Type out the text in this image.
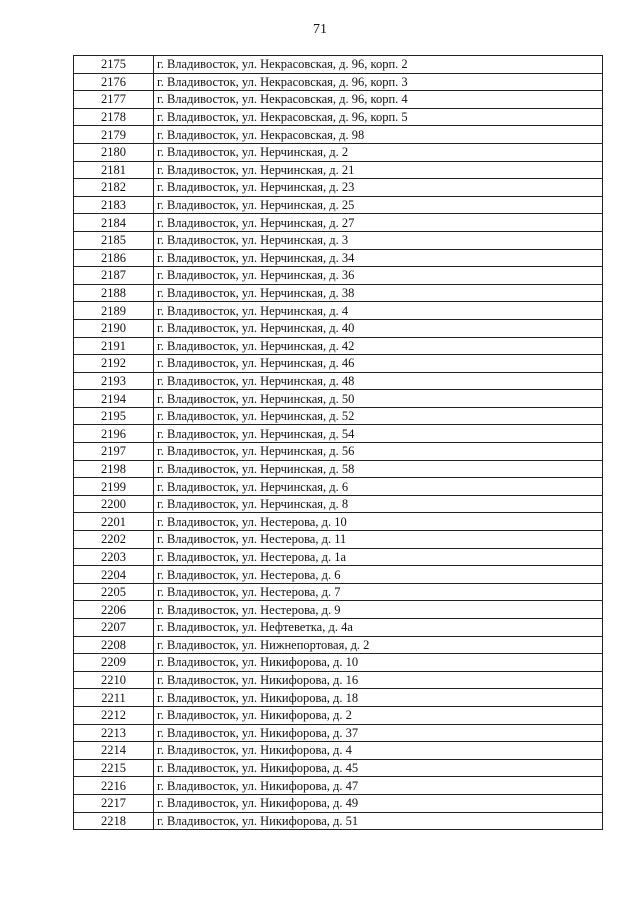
71
2175	г. Владивосток, ул. Некрасовская, д. 96, корп. 2
2176	г. Владивосток, ул. Некрасовская, д. 96, корп. 3
2177	г. Владивосток, ул. Некрасовская, д. 96, корп. 4
2178	г. Владивосток, ул. Некрасовская, д. 96, корп. 5
2179	г. Владивосток, ул. Некрасовская, д. 98
2180	г. Владивосток, ул. Нерчинская, д. 2
2181	г. Владивосток, ул. Нерчинская, д. 21
2182	г. Владивосток, ул. Нерчинская, д. 23
2183	г. Владивосток, ул. Нерчинская, д. 25
2184	г. Владивосток, ул. Нерчинская, д. 27
2185	г. Владивосток, ул. Нерчинская, д. 3
2186	г. Владивосток, ул. Нерчинская, д. 34
2187	г. Владивосток, ул. Нерчинская, д. 36
2188	г. Владивосток, ул. Нерчинская, д. 38
2189	г. Владивосток, ул. Нерчинская, д. 4
2190	г. Владивосток, ул. Нерчинская, д. 40
2191	г. Владивосток, ул. Нерчинская, д. 42
2192	г. Владивосток, ул. Нерчинская, д. 46
2193	г. Владивосток, ул. Нерчинская, д. 48
2194	г. Владивосток, ул. Нерчинская, д. 50
2195	г. Владивосток, ул. Нерчинская, д. 52
2196	г. Владивосток, ул. Нерчинская, д. 54
2197	г. Владивосток, ул. Нерчинская, д. 56
2198	г. Владивосток, ул. Нерчинская, д. 58
2199	г. Владивосток, ул. Нерчинская, д. 6
2200	г. Владивосток, ул. Нерчинская, д. 8
2201	г. Владивосток, ул. Нестерова, д. 10
2202	г. Владивосток, ул. Нестерова, д. 11
2203	г. Владивосток, ул. Нестерова, д. 1а
2204	г. Владивосток, ул. Нестерова, д. 6
2205	г. Владивосток, ул. Нестерова, д. 7
2206	г. Владивосток, ул. Нестерова, д. 9
2207	г. Владивосток, ул. Нефтеветка, д. 4а
2208	г. Владивосток, ул. Нижнепортовая, д. 2
2209	г. Владивосток, ул. Никифорова, д. 10
2210	г. Владивосток, ул. Никифорова, д. 16
2211	г. Владивосток, ул. Никифорова, д. 18
2212	г. Владивосток, ул. Никифорова, д. 2
2213	г. Владивосток, ул. Никифорова, д. 37
2214	г. Владивосток, ул. Никифорова, д. 4
2215	г. Владивосток, ул. Никифорова, д. 45
2216	г. Владивосток, ул. Никифорова, д. 47
2217	г. Владивосток, ул. Никифорова, д. 49
2218	г. Владивосток, ул. Никифорова, д. 51
